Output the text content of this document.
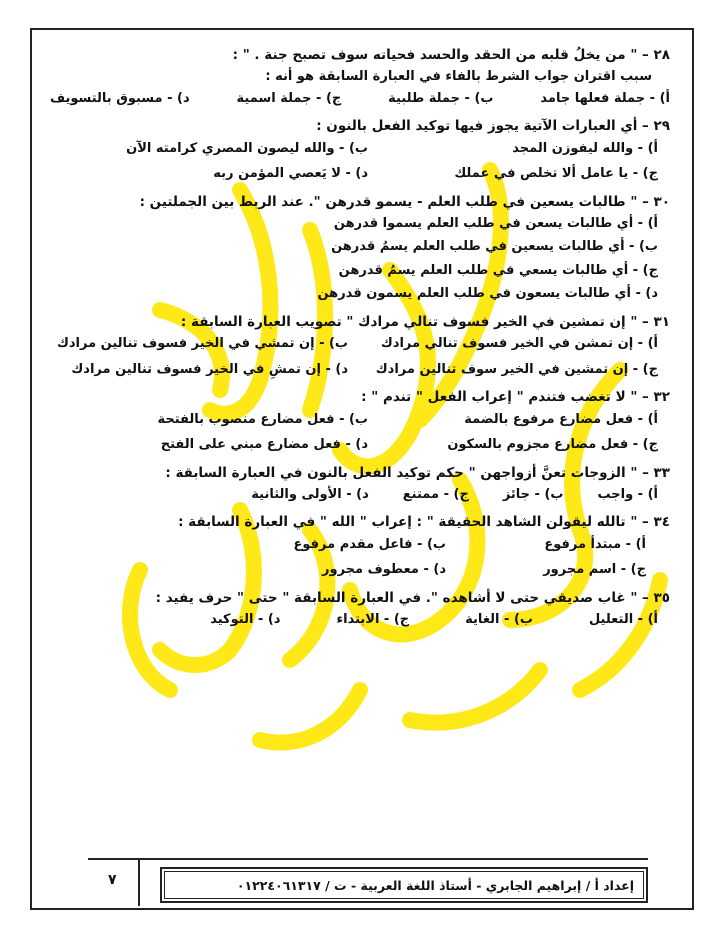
٢٨ – " من يخلُ قلبه من الحقد والحسد فحياته سوف تصبح جنة . " :
سبب اقتران جواب الشرط بالفاء في العبارة السابقة هو أنه :
أ) - جملة فعلها جامد
ب) - جملة طلبية
ج) - جملة اسمية
د) - مسبوق بالتسويف
٢٩ – أي العبارات الآتية يجوز فيها توكيد الفعل بالنون :
أ) - والله ليفوزن المجد
ب) - والله ليصون المصري كرامته الآن
ج) - يا عامل ألا تخلص في عملك
د) - لا يَعصي المؤمن ربه
٣٠ – " طالبات يسعين في طلب العلم - يسمو قدرهن ". عند الربط بين الجملتين :
أ) - أي طالبات يسعن في طلب العلم يسموا قدرهن
ب) - أي طالبات يسعين في طلب العلم يسمُ قدرهن
ج) - أي طالبات يسعي في طلب العلم يسمُ قدرهن
د) - أي طالبات يسعون في طلب العلم يسمون قدرهن
٣١ – " إن تمشين في الخير فسوف تنالي مرادك " تصويب العبارة السابقة :
أ) - إن تمشن في الخير فسوف تنالي مرادك
ب) - إن تمشي في الخير فسوف تنالين مرادك
ج) - إن تمشين في الخير سوف تنالين مرادك
د) - إن تمشِ في الخير فسوف تنالين مرادك
٣٢ – " لا تغضب فتندم " إعراب الفعل " تندم " :
أ) - فعل مضارع مرفوع بالضمة
ب) - فعل مضارع منصوب بالفتحة
ج) - فعل مضارع مجزوم بالسكون
د) - فعل مضارع مبني على الفتح
٣٣ – " الزوجات تعنَّ أزواجهن " حكم توكيد الفعل بالنون في العبارة السابقة :
أ) - واجب
ب) - جائز
ج) - ممتنع
د) - الأولى والثانية
٣٤ – " تالله ليقولن الشاهد الحقيقة " : إعراب " الله " في العبارة السابقة :
أ) - مبتدأ مرفوع
ب) - فاعل مقدم مرفوع
ج) - اسم مجرور
د) - معطوف مجرور
٣٥ – " غاب صديقي حتى لا أشاهده ". في العبارة السابقة " حتى " حرف يفيد :
أ) - التعليل
ب) - الغاية
ج) - الابتداء
د) - التوكيد
٧	إعداد أ / إبراهيم الجابري - أستاذ اللغة العربية - ت / ٠١٢٢٤٠٦١٣١٧
